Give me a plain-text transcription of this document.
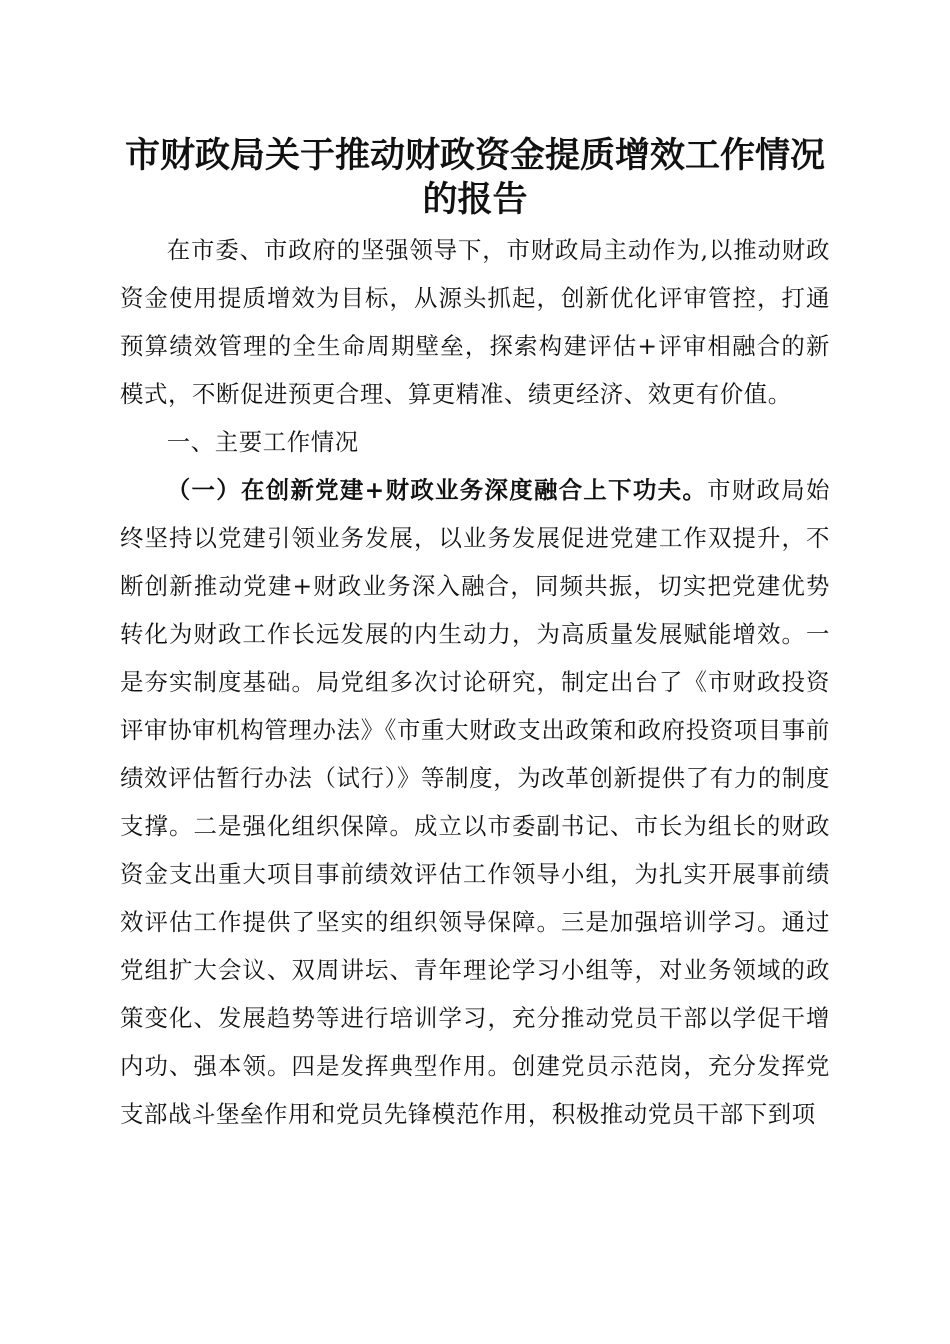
市财政局关于推动财政资金提质增效工作情况
的报告

在市委、市政府的坚强领导下，市财政局主动作为,以推动财政资金使用提质增效为目标，从源头抓起，创新优化评审管控，打通预算绩效管理的全生命周期壁垒，探索构建评估+评审相融合的新模式，不断促进预更合理、算更精准、绩更经济、效更有价值。

一、主要工作情况

（一）在创新党建+财政业务深度融合上下功夫。市财政局始终坚持以党建引领业务发展，以业务发展促进党建工作双提升，不断创新推动党建+财政业务深入融合，同频共振，切实把党建优势转化为财政工作长远发展的内生动力，为高质量发展赋能增效。一是夯实制度基础。局党组多次讨论研究，制定出台了《市财政投资评审协审机构管理办法》《市重大财政支出政策和政府投资项目事前绩效评估暂行办法（试行）》等制度，为改革创新提供了有力的制度支撑。二是强化组织保障。成立以市委副书记、市长为组长的财政资金支出重大项目事前绩效评估工作领导小组，为扎实开展事前绩效评估工作提供了坚实的组织领导保障。三是加强培训学习。通过党组扩大会议、双周讲坛、青年理论学习小组等，对业务领域的政策变化、发展趋势等进行培训学习，充分推动党员干部以学促干增内功、强本领。四是发挥典型作用。创建党员示范岗，充分发挥党支部战斗堡垒作用和党员先锋模范作用，积极推动党员干部下到项
